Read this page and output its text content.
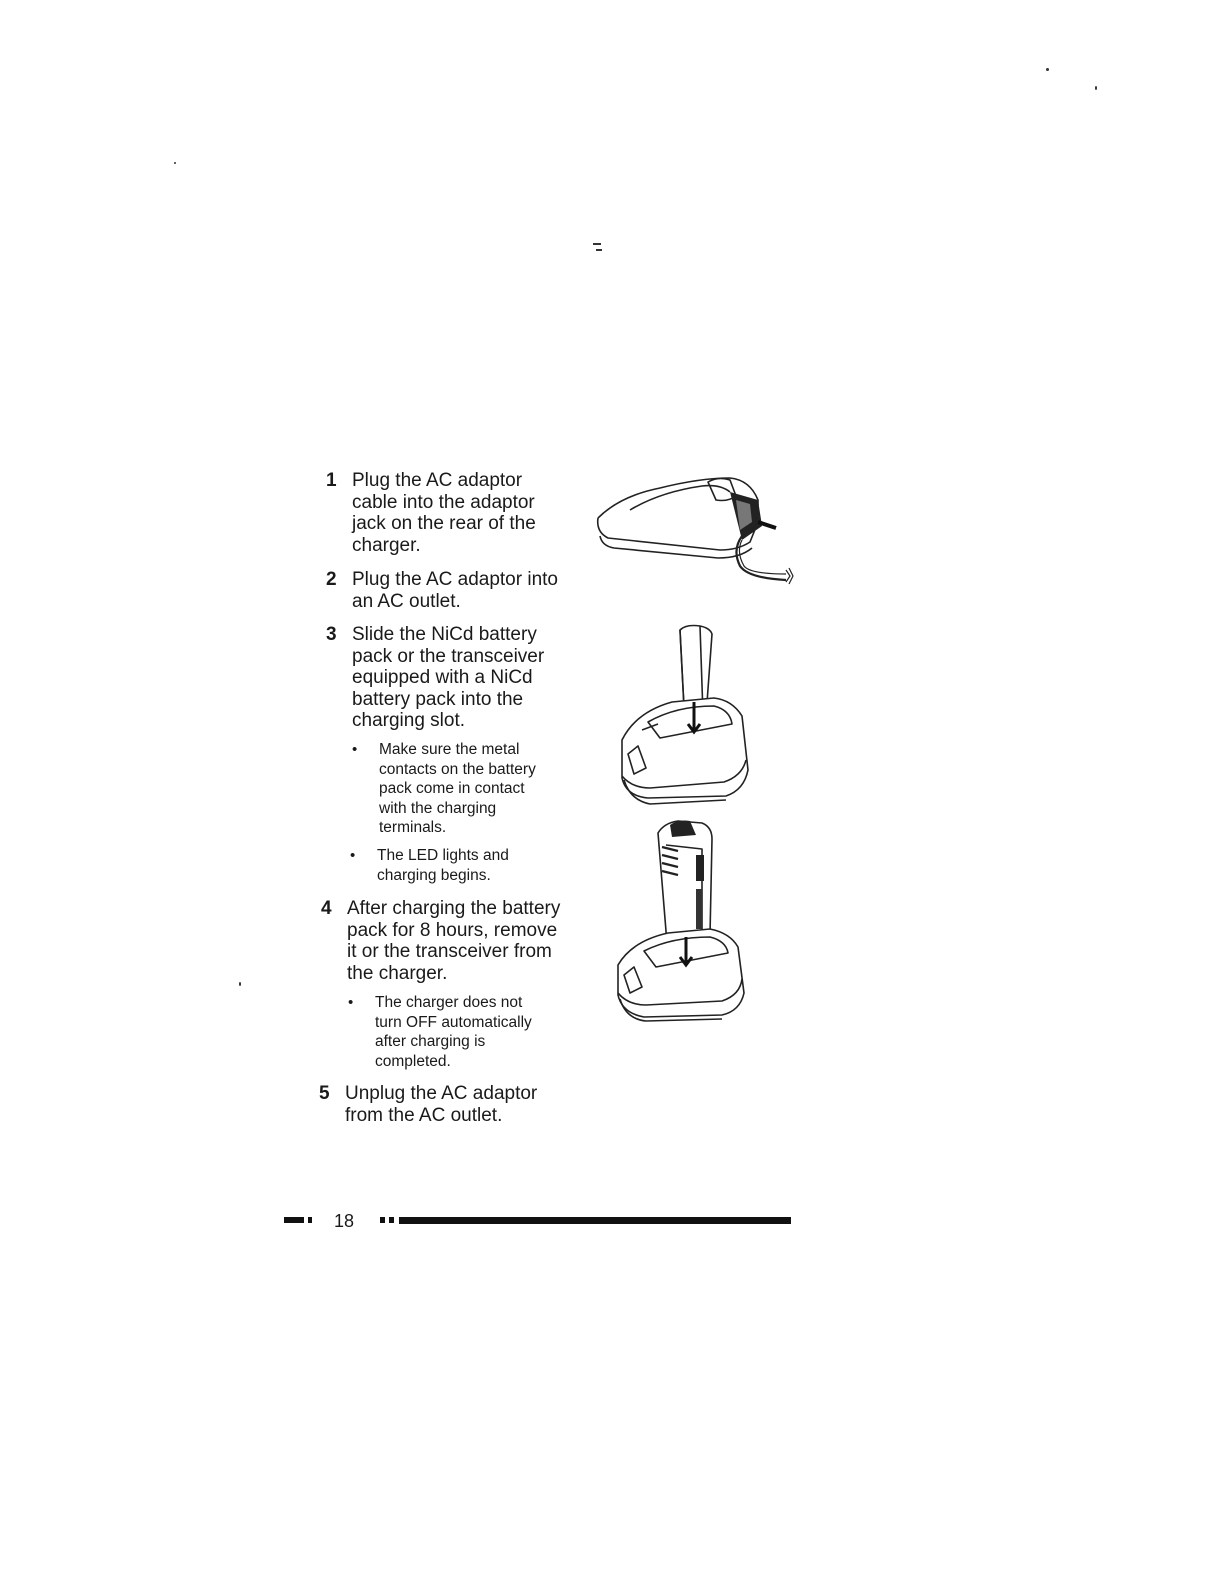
1 Plug the AC adaptor
cable into the adaptor
jack on the rear of the
charger.
2 Plug the AC adaptor into
an AC outlet.
3 Slide the NiCd battery
pack or the transceiver
equipped with a NiCd
battery pack into the
charging slot.
• Make sure the metal
contacts on the battery
pack come in contact
with the charging
terminals.
• The LED lights and
charging begins.
4 After charging the battery
pack for 8 hours, remove
it or the transceiver from
the charger.
• The charger does not
turn OFF automatically
after charging is
completed.
5 Unplug the AC adaptor
from the AC outlet.
18
